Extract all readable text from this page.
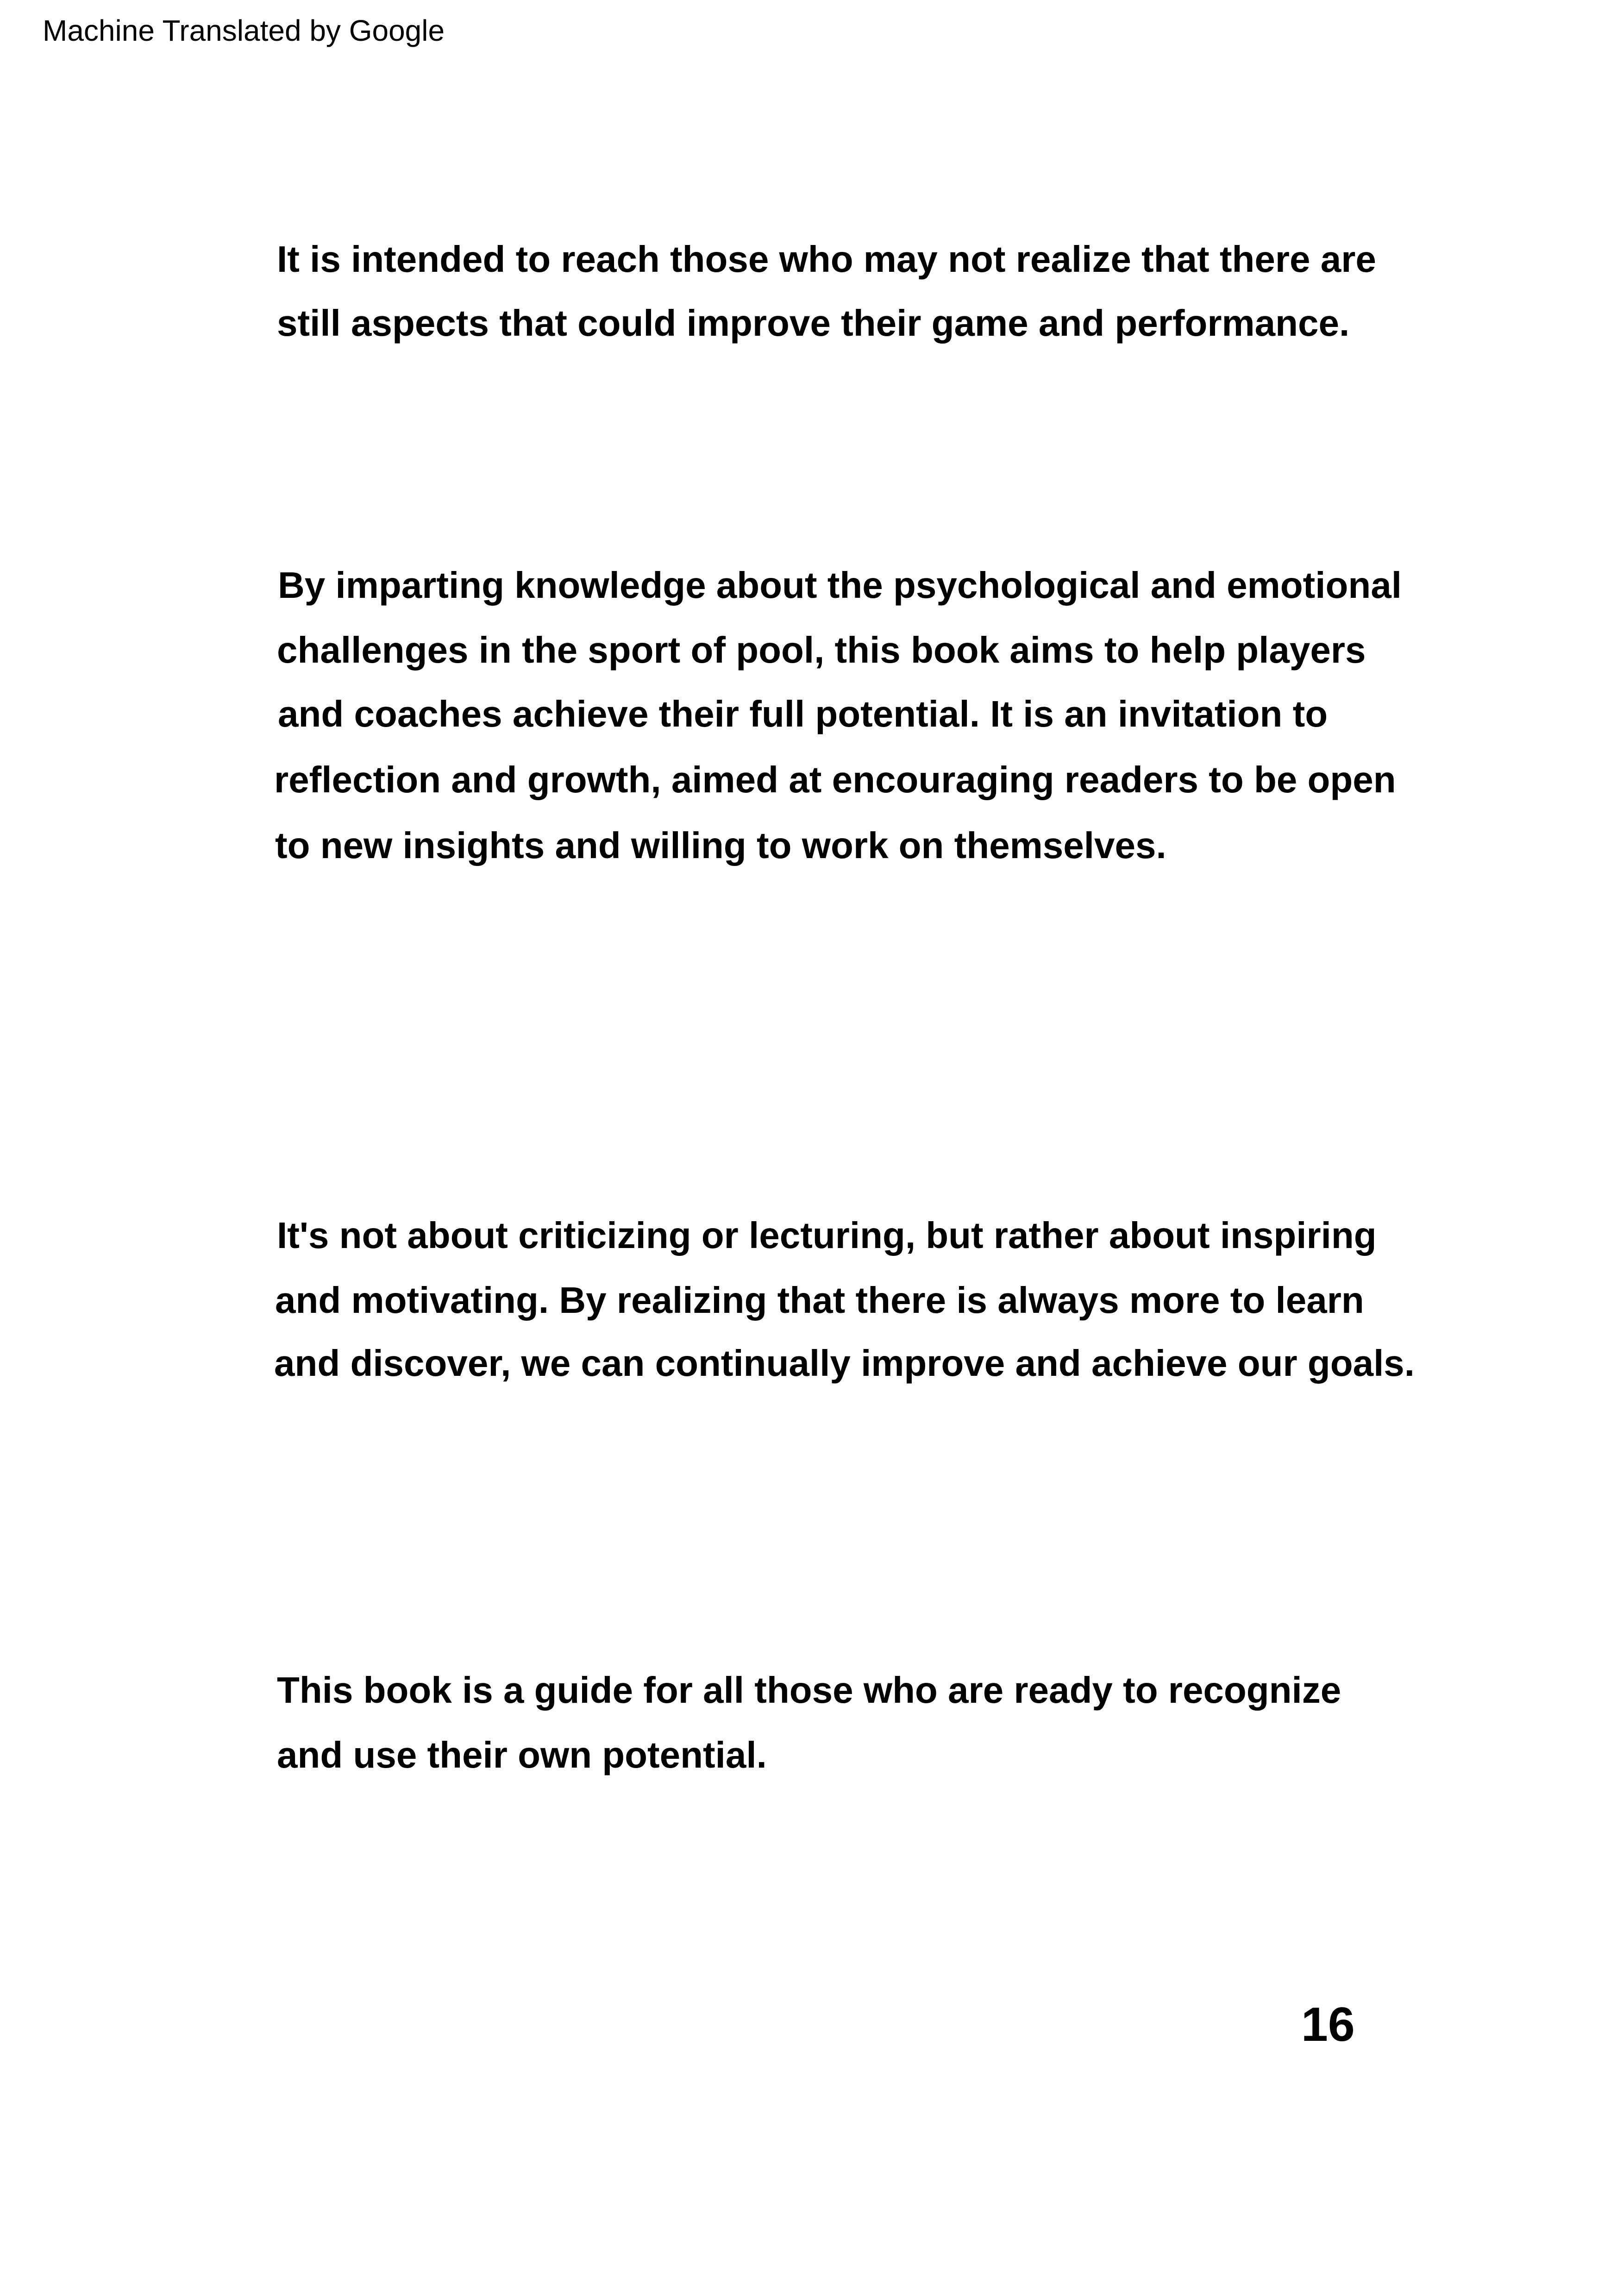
Machine Translated by Google
It is intended to reach those who may not realize that there are
still aspects that could improve their game and performance.
By imparting knowledge about the psychological and emotional
challenges in the sport of pool, this book aims to help players
and coaches achieve their full potential. It is an invitation to
reflection and growth, aimed at encouraging readers to be open
to new insights and willing to work on themselves.
It's not about criticizing or lecturing, but rather about inspiring
and motivating. By realizing that there is always more to learn
and discover, we can continually improve and achieve our goals.
This book is a guide for all those who are ready to recognize
and use their own potential.
16
